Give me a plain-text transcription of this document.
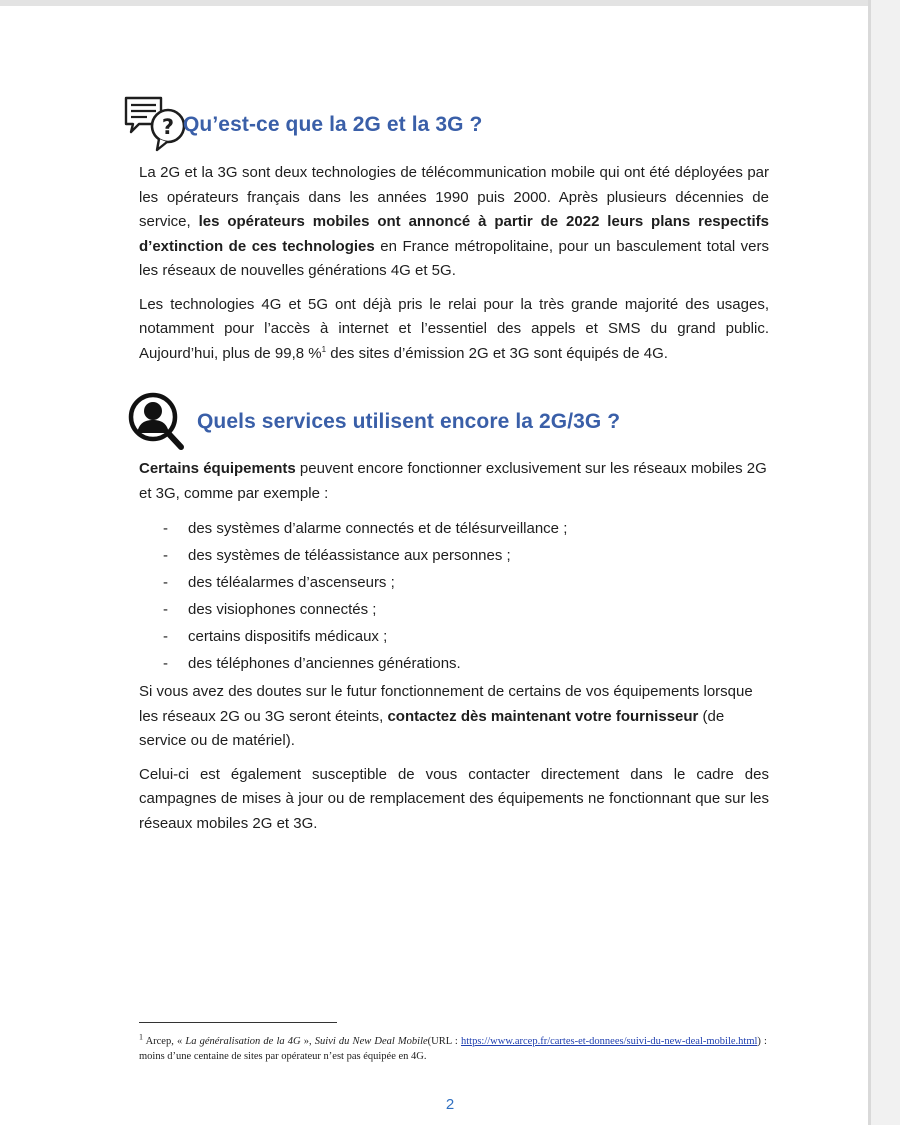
? Qu’est-ce que la 2G et la 3G ?

La 2G et la 3G sont deux technologies de télécommunication mobile qui ont été déployées par les opérateurs français dans les années 1990 puis 2000. Après plusieurs décennies de service, les opérateurs mobiles ont annoncé à partir de 2022 leurs plans respectifs d’extinction de ces technologies en France métropolitaine, pour un basculement total vers les réseaux de nouvelles générations 4G et 5G.

Les technologies 4G et 5G ont déjà pris le relai pour la très grande majorité des usages, notamment pour l’accès à internet et l’essentiel des appels et SMS du grand public. Aujourd’hui, plus de 99,8 %$^1$ des sites d’émission 2G et 3G sont équipés de 4G.

Quels services utilisent encore la 2G/3G ?

Certains équipements peuvent encore fonctionner exclusivement sur les réseaux mobiles 2G et 3G, comme par exemple :

- des systèmes d’alarme connectés et de télésurveillance ;
- des systèmes de téléassistance aux personnes ;
- des téléalarmes d’ascenseurs ;
- des visiophones connectés ;
- certains dispositifs médicaux ;
- des téléphones d’anciennes générations.

Si vous avez des doutes sur le futur fonctionnement de certains de vos équipements lorsque les réseaux 2G ou 3G seront éteints, contactez dès maintenant votre fournisseur (de service ou de matériel).

Celui-ci est également susceptible de vous contacter directement dans le cadre des campagnes de mises à jour ou de remplacement des équipements ne fonctionnant que sur les réseaux mobiles 2G et 3G.

$^1$ Arcep, « La généralisation de la 4G », Suivi du New Deal Mobile(URL : https://www.arcep.fr/cartes-et-donnees/suivi-du-new-deal-mobile.html) : moins d’une centaine de sites par opérateur n’est pas équipée en 4G.
2
